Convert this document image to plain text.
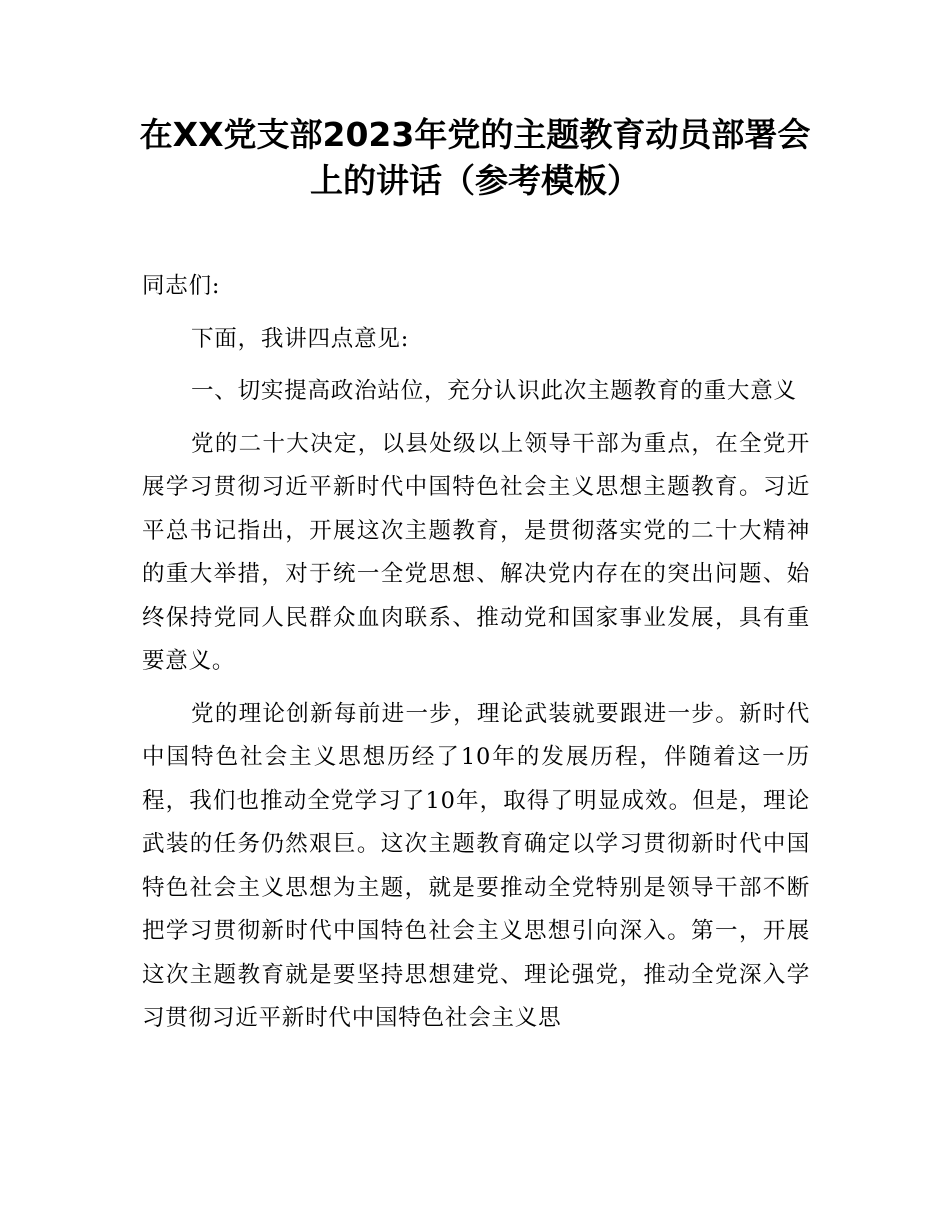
在XX党支部2023年党的主题教育动员部署会
上的讲话（参考模板）

同志们:

下面，我讲四点意见:

一、切实提高政治站位，充分认识此次主题教育的重大意义

党的二十大决定，以县处级以上领导干部为重点，在全党开展学习贯彻习近平新时代中国特色社会主义思想主题教育。习近平总书记指出，开展这次主题教育，是贯彻落实党的二十大精神的重大举措，对于统一全党思想、解决党内存在的突出问题、始终保持党同人民群众血肉联系、推动党和国家事业发展，具有重要意义。

党的理论创新每前进一步，理论武装就要跟进一步。新时代中国特色社会主义思想历经了10年的发展历程，伴随着这一历程，我们也推动全党学习了10年，取得了明显成效。但是，理论武装的任务仍然艰巨。这次主题教育确定以学习贯彻新时代中国特色社会主义思想为主题，就是要推动全党特别是领导干部不断把学习贯彻新时代中国特色社会主义思想引向深入。第一，开展这次主题教育就是要坚持思想建党、理论强党，推动全党深入学习贯彻习近平新时代中国特色社会主义思
